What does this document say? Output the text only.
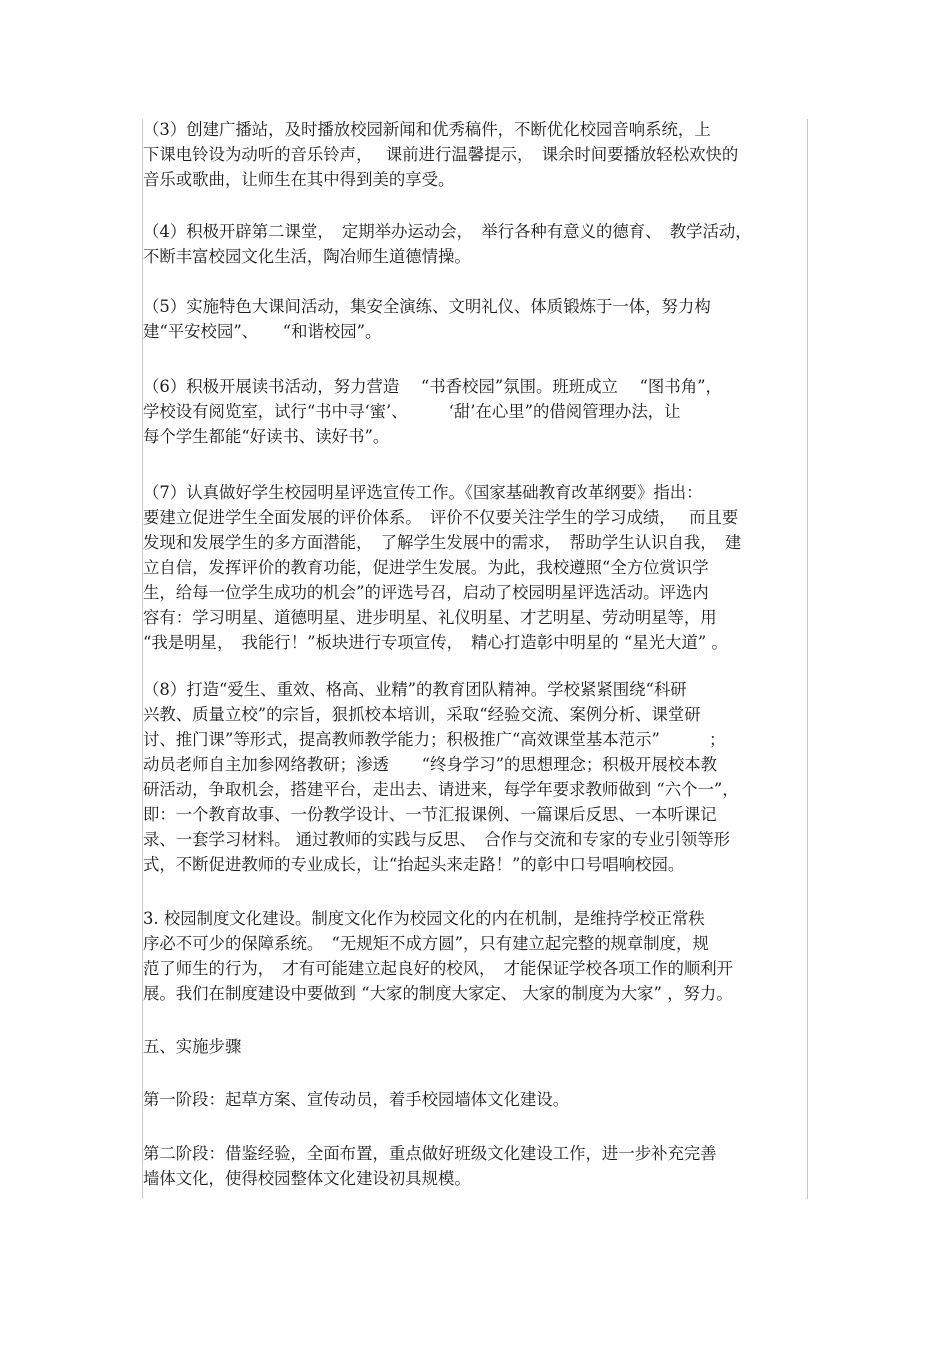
（3）创建广播站，及时播放校园新闻和优秀稿件，不断优化校园音响系统，上
下课电铃设为动听的音乐铃声，　 课前进行温馨提示，　课余时间要播放轻松欢快的
音乐或歌曲，让师生在其中得到美的享受。
（4）积极开辟第二课堂，　定期举办运动会，　举行各种有意义的德育、　教学活动，
不断丰富校园文化生活，陶冶师生道德情操。
（5）实施特色大课间活动，集安全演练、文明礼仪、体质锻炼于一体，努力构
建“平安校园”、　　“和谐校园”。
（6）积极开展读书活动，努力营造　 “书香校园”氛围。班班成立　 “图书角”，
学校设有阅览室，试行“书中寻‘蜜’、　　　‘甜’在心里”的借阅管理办法，让
每个学生都能“好读书、读好书”。
（7）认真做好学生校园明星评选宣传工作。《国家基础教育改革纲要》指出：
要建立促进学生全面发展的评价体系。　评价不仅要关注学生的学习成绩，　 而且要
发现和发展学生的多方面潜能，　了解学生发展中的需求，　帮助学生认识自我，　建
立自信，发挥评价的教育功能，促进学生发展。为此，我校遵照“全方位赏识学
生，给每一位学生成功的机会”的评选号召，启动了校园明星评选活动。评选内
容有：学习明星、道德明星、进步明星、礼仪明星、才艺明星、劳动明星等，用
“我是明星，　我能行！”板块进行专项宣传，　精心打造彰中明星的 “星光大道” 。
（8）打造“爱生、重效、格高、业精”的教育团队精神。学校紧紧围绕“科研
兴教、质量立校”的宗旨，狠抓校本培训，采取“经验交流、案例分析、课堂研
讨、推门课”等形式，提高教师教学能力；积极推广“高效课堂基本范示”　　　；
动员老师自主加参网络教研；渗透　　“终身学习”的思想理念；积极开展校本教
研活动，争取机会，搭建平台，走出去、请进来，每学年要求教师做到 “六个一”，
即：一个教育故事、一份教学设计、一节汇报课例、一篇课后反思、一本听课记
录、一套学习材料。 通过教师的实践与反思、　合作与交流和专家的专业引领等形
式，不断促进教师的专业成长，让“抬起头来走路！”的彰中口号唱响校园。
3. 校园制度文化建设。制度文化作为校园文化的内在机制，是维持学校正常秩
序必不可少的保障系统。　“无规矩不成方圆”，只有建立起完整的规章制度，规
范了师生的行为，　才有可能建立起良好的校风，　才能保证学校各项工作的顺利开
展。我们在制度建设中要做到 “大家的制度大家定、 大家的制度为大家” ，努力。
五、实施步骤
第一阶段：起草方案、宣传动员，着手校园墙体文化建设。
第二阶段：借鉴经验，全面布置，重点做好班级文化建设工作，进一步补充完善
墙体文化，使得校园整体文化建设初具规模。
